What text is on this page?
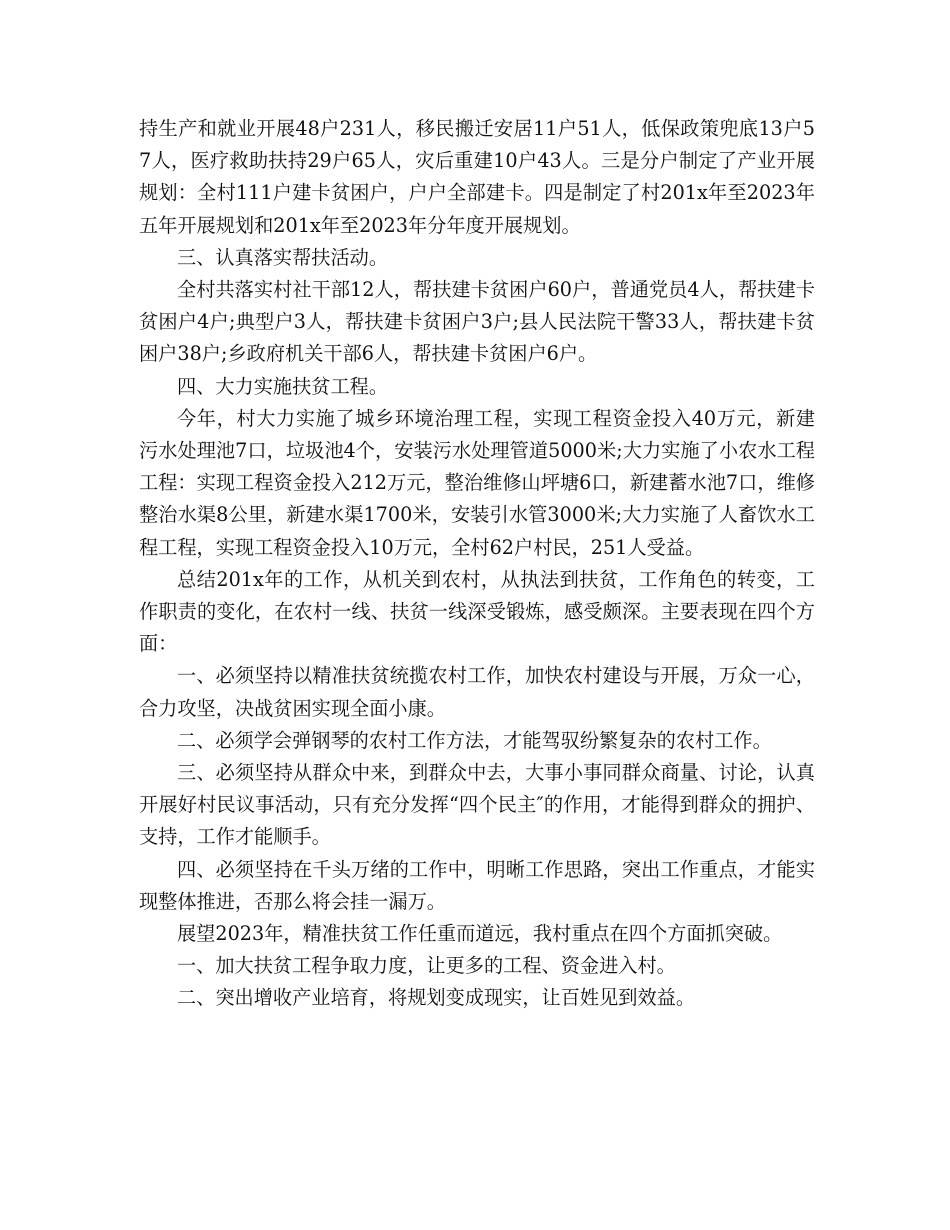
持生产和就业开展48户231人，移民搬迁安居11户51人，低保政策兜底13户57人，医疗救助扶持29户65人，灾后重建10户43人。三是分户制定了产业开展规划：全村111户建卡贫困户，户户全部建卡。四是制定了村201x年至2023年五年开展规划和201x年至2023年分年度开展规划。

三、认真落实帮扶活动。

全村共落实村社干部12人，帮扶建卡贫困户60户，普通党员4人，帮扶建卡贫困户4户;典型户3人，帮扶建卡贫困户3户;县人民法院干警33人，帮扶建卡贫困户38户;乡政府机关干部6人，帮扶建卡贫困户6户。

四、大力实施扶贫工程。

今年，村大力实施了城乡环境治理工程，实现工程资金投入40万元，新建污水处理池7口，垃圾池4个，安装污水处理管道5000米;大力实施了小农水工程工程：实现工程资金投入212万元，整治维修山坪塘6口，新建蓄水池7口，维修整治水渠8公里，新建水渠1700米，安装引水管3000米;大力实施了人畜饮水工程工程，实现工程资金投入10万元，全村62户村民，251人受益。

总结201x年的工作，从机关到农村，从执法到扶贫，工作角色的转变，工作职责的变化，在农村一线、扶贫一线深受锻炼，感受颇深。主要表现在四个方面：

一、必须坚持以精准扶贫统揽农村工作，加快农村建设与开展，万众一心，合力攻坚，决战贫困实现全面小康。

二、必须学会弹钢琴的农村工作方法，才能驾驭纷繁复杂的农村工作。

三、必须坚持从群众中来，到群众中去，大事小事同群众商量、讨论，认真开展好村民议事活动，只有充分发挥“四个民主″的作用，才能得到群众的拥护、支持，工作才能顺手。

四、必须坚持在千头万绪的工作中，明晰工作思路，突出工作重点，才能实现整体推进，否那么将会挂一漏万。

展望2023年，精准扶贫工作任重而道远，我村重点在四个方面抓突破。

一、加大扶贫工程争取力度，让更多的工程、资金进入村。

二、突出增收产业培育，将规划变成现实，让百姓见到效益。
